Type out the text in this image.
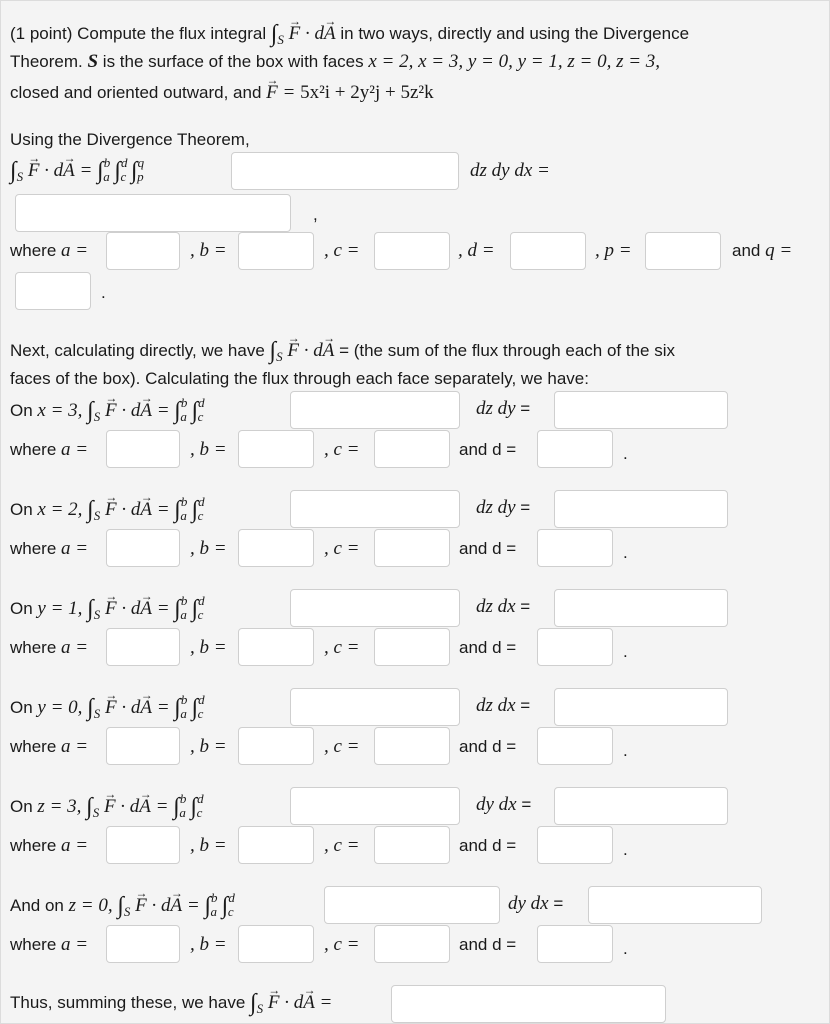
(1 point) Compute the flux integral $\int_S \to F \cdot d\to A$ in two ways, directly and using the Divergence
Theorem. S is the surface of the box with faces x = 2, x = 3, y = 0, y = 1, z = 0, z = 3,
closed and oriented outward, and → F = 5x²i + 2y²j + 5z²k
Using the Divergence Theorem,
$\int_S \to F \cdot d\to A = \int^b_a$ ∫$^d_c$ ∫$^q_p$	dz dy dx =
,
where a =	, b =	, c =	, d =	, p =	and q =
.
Next, calculating directly, we have $\int_S \to F \cdot d\to A = (the$ sum of the flux through each of the six
faces of the box). Calculating the flux through each face separately, we have:
On x = 3, $\int_S \to F \cdot d\to A = \int^b_a$ ∫$^d_c$	dz dy =
where a =	, b =	, c =	and d =	.
On x = 2, $\int_S \to F \cdot d\to A = \int^b_a$ ∫$^d_c$	dz dy =
where a =	, b =	, c =	and d =	.
On y = 1, $\int_S \to F \cdot d\to A = \int^b_a$ ∫$^d_c$	dz dx =
where a =	, b =	, c =	and d =	.
On y = 0, $\int_S \to F \cdot d\to A = \int^b_a$ ∫$^d_c$	dz dx =
where a =	, b =	, c =	and d =	.
On z = 3, $\int_S \to F \cdot d\to A = \int^b_a$ ∫$^d_c$	dy dx =
where a =	, b =	, c =	and d =	.
And on z = 0, $\int_S \to F \cdot d\to A = \int^b_a$ ∫$^d_c$	dy dx =
where a =	, b =	, c =	and d =	.
Thus, summing these, we have $\int_S \to F \cdot d\to A$ =
